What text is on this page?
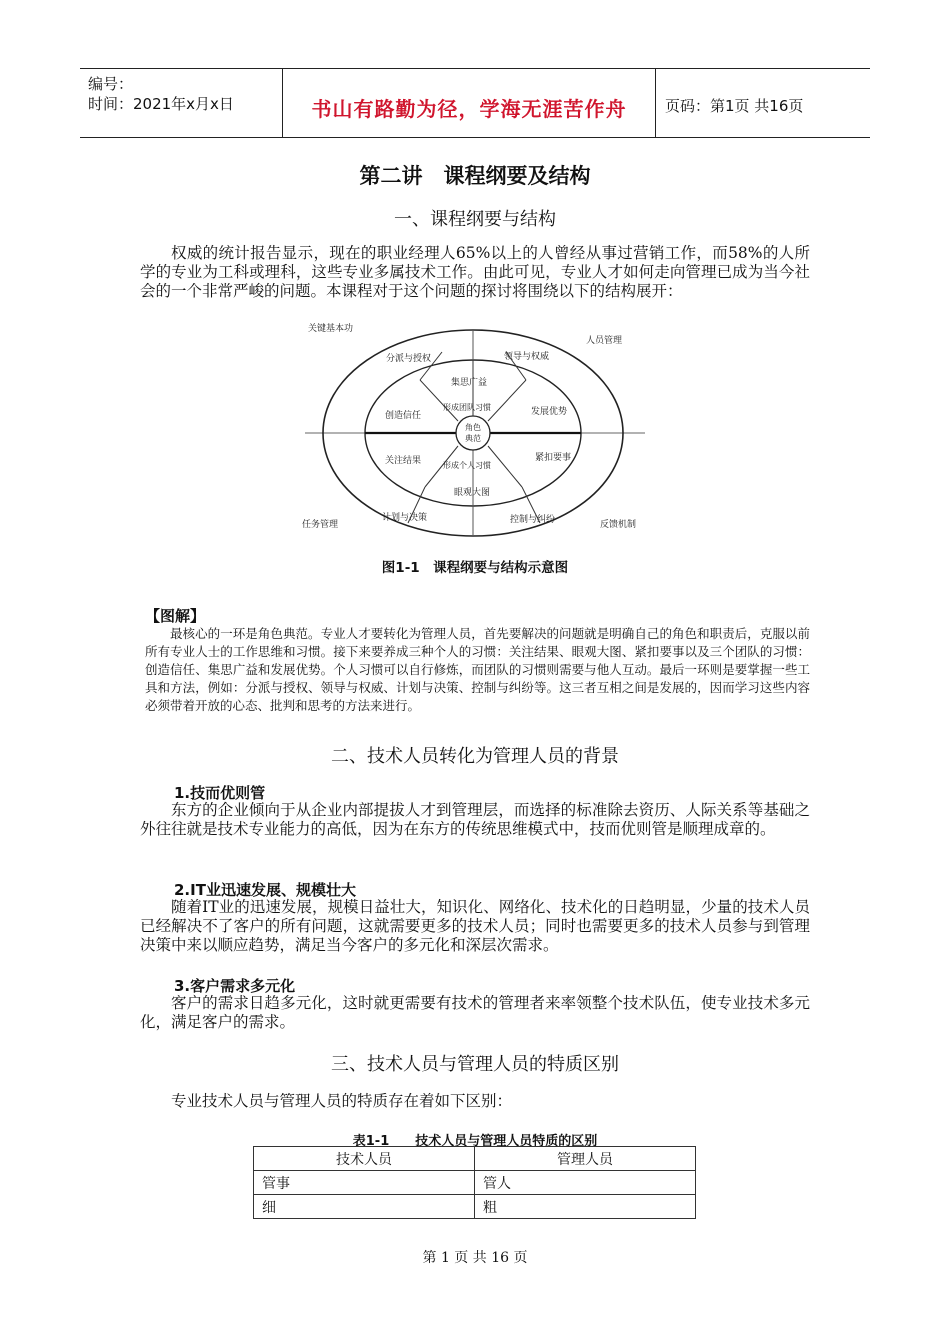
编号：
时间：2021年x月x日	书山有路勤为径，学海无涯苦作舟	页码：第1页 共16页
第二讲　课程纲要及结构
一、课程纲要与结构
权威的统计报告显示，现在的职业经理人65%以上的人曾经从事过营销工作，而58%的人所学的专业为工科或理科，这些专业多属技术工作。由此可见，专业人才如何走向管理已成为当今社会的一个非常严峻的问题。本课程对于这个问题的探讨将围绕以下的结构展开：
关键基本功
人员管理
任务管理	反馈机制
分派与授权	领导与权威
创造信任	发展优势
关注结果	紧扣要事
计划与决策	控制与纠纷
集思广益
形成团队习惯
形成个人习惯
眼观大图
角色
典范
图1-1　课程纲要与结构示意图
【图解】
最核心的一环是角色典范。专业人才要转化为管理人员，首先要解决的问题就是明确自己的角色和职责后，克服以前所有专业人士的工作思维和习惯。接下来要养成三种个人的习惯：关注结果、眼观大图、紧扣要事以及三个团队的习惯：创造信任、集思广益和发展优势。个人习惯可以自行修炼，而团队的习惯则需要与他人互动。最后一环则是要掌握一些工具和方法，例如：分派与授权、领导与权威、计划与决策、控制与纠纷等。这三者互相之间是发展的，因而学习这些内容必须带着开放的心态、批判和思考的方法来进行。
二、技术人员转化为管理人员的背景
1.技而优则管
东方的企业倾向于从企业内部提拔人才到管理层，而选择的标准除去资历、人际关系等基础之外往往就是技术专业能力的高低，因为在东方的传统思维模式中，技而优则管是顺理成章的。
2.IT业迅速发展、规模壮大
随着IT业的迅速发展，规模日益壮大，知识化、网络化、技术化的日趋明显，少量的技术人员已经解决不了客户的所有问题，这就需要更多的技术人员；同时也需要更多的技术人员参与到管理决策中来以顺应趋势，满足当今客户的多元化和深层次需求。
3.客户需求多元化
客户的需求日趋多元化，这时就更需要有技术的管理者来率领整个技术队伍，使专业技术多元化，满足客户的需求。
三、技术人员与管理人员的特质区别
专业技术人员与管理人员的特质存在着如下区别：
表1-1　　技术人员与管理人员特质的区别
技术人员	管理人员
管事	管人
细	粗
第 1 页 共 16 页
